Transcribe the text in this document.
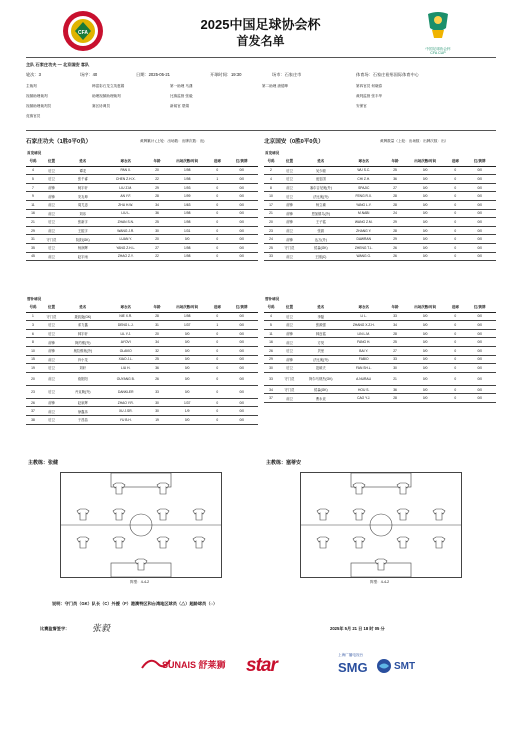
CFA
2025中国足球协会杯
首发名单
中国足球协会杯
CFA CUP
主队 石家庄功夫 — 北京国安 客队
轮次：3	场序：40	日期：2025-05-21	开球时间：19:30	场市：石家庄市	体育场：石家庄裕彤国际体育中心
主裁判	韩富彩石龙立英惠娟	第一助理 马潇	第二助理 唐德坤	第四官员 何晓春
视频助理裁判	助理视频助理裁判	比赛监督 张毅	裁判监督 张丰华
视频助理裁判员	赛区协调员	新闻官 蒙娟	安保官
竞赛官员
石家庄功夫（1胜0平0负）	黄牌累计 (上轮：出场数：出牌次数：出)	北京国安（0胜0平0负）	黄牌数量（上轮：出场数：出牌次数：出）
首发球员	首发球员
号码	位置	姓名	球衣名	年龄	出场次数/时间	进球	红/黄牌
4	后卫	谭龙	PAN X.	20	1/98	0	0/0
5	后卫	张千睿	CHEN Z.H.X.	22	1/98	1	0/0
7	前锋	柯宇轩	LIU Z.M.	29	1/93	0	0/0
9	前锋	安友坤	AN Y.F.	28	1/99	0	0/0
11	前卫	周尤忠	ZHU H.W.	34	1/63	0	0/0
16	前卫	刘乐	LIU L.	36	1/98	0	0/0
21	后卫	张新宇	ZHAN S.N.	25	1/98	0	0/0
29	前卫	王振宇	WANG J.R.	30	1/31	0	0/0
31	守门员	阮阳(GK)	LUAN Y.	20	0/0	0	0/0
35	后卫	杨润辉	YANG Z.H.L.	27	1/98	0	0/0
45	前卫	赵宇雨	ZHAO Z.Y.	22	1/98	0	0/0
号码	位置	姓名	球衣名	年龄	出场次数/时间	进球	红/黄牌
2	后卫	吴少聪	WU S.C.	25	0/0	0	0/0
4	后卫	池忠国	CHI Z.H.	36	0/0	0	0/0
8	前卫	塞尔吉尼奥(外)	SPAJIC	27	0/0	0	0/0
10	后卫	法比奥(外)	FENG R.X.	28	0/0	0	0/0
17	前锋	杨立瑜	YANG L.Y.	28	0/0	0	0/0
21	前锋	恩加德乌(外)	M.NABI	24	0/0	0	0/0
20	前锋	王子铭	WANG Z.M.	29	0/0	0	0/0
23	前卫	张源	ZHANG Y.	28	0/0	0	0/0
24	前锋	达万(外)	DAWRAN	29	0/0	0	0/0
25	守门员	侯森(GK)	ZHENG T.L.	26	0/0	0	0/0
33	前卫	王刚(C)	WANG G.	26	0/0	0	0/0
替补球员	替补球员
号码	位置	姓名	球衣名	年龄	出场次数/时间	进球	红/黄牌
1	守门员	聂凯旋(GK)	NIE X.R.	28	1/98	0	0/0
3	后卫	邓力鑫	DENG L.J.	31	1/37	1	0/0
6	后卫	林宇轩	LIL Y.J.	20	0/0	0	0/0
8	前锋	阿约维(外)	AYOVI	34	0/0	0	0/0
10	前锋	奥拉维奥(外)	OLAVIO	32	0/0	0	0/0
15	前卫	肖小龙	XIAO J.L.	25	0/0	0	0/0
19	后卫	刘轩	LIU H.	36	0/0	0	0/0
20	前卫	欧阳阳	OUYANG B.	26	0/0	0	0/0
23	后卫	丹克勒(外)	DANKLER	33	0/0	0	0/0
26	前锋	赵泉辉	ZHAO Y.R.	30	1/37	0	0/0
37	前卫	徐鑫乐	XU J.SR.	30	1/9	0	0/0
38	后卫	于昌喆	YU B.H.	19	0/0	0	0/0
号码	位置	姓名	球衣名	年龄	出场次数/时间	进球	红/黄牌
4	后卫	李磊	LI L.	33	0/0	0	0/0
5	前卫	张源强	ZHANG X.Z.H.	34	0/0	0	0/0
11	前锋	林良铭	LIN L.M.	28	0/0	0	0/0
16	前卫	方昊	FANG H.	25	0/0	0	0/0
26	后卫	贝里	BAI Y.	27	0/0	0	0/0
29	前锋	法比奥(外)	FABIO	33	0/0	0	0/0
30	后卫	范硕夫	FAN SH.L.	30	0/0	0	0/0
33	守门员	阿尔马纳杰(GK)	A.NURALI	21	0/0	0	0/0
34	守门员	侯森(GK)	HOU S.	36	0/0	0	0/0
37	前卫	曹永竞	CAO Y.J.	28	0/0	0	0/0
主教练：张健	主教练：塞蒂安
阵型：4-4-2	阵型：4-4-2
说明：守门员（GK）队长（C）外援（F）港澳特区和台湾地区球员（△）超龄球员（○）
比赛监督签字：	张毅	2025年 5月 21 日 18 时 05 分
SUNAIS 舒莱狮 star	上海广播电视台
SMG	SMT
